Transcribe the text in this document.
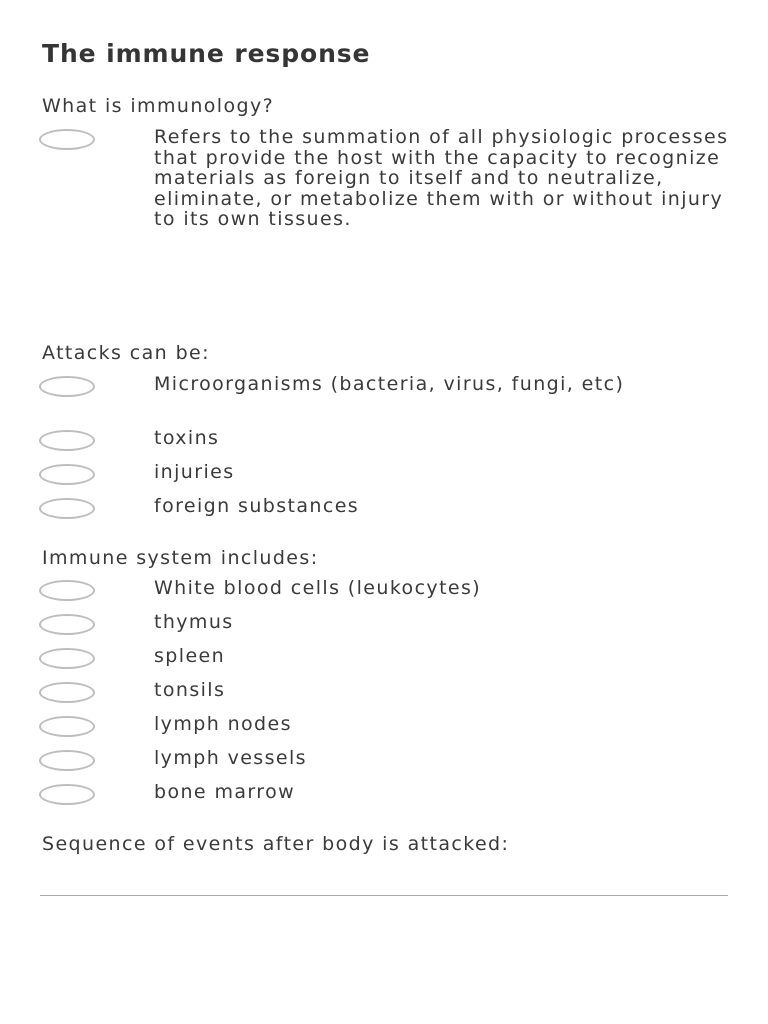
The immune response
What is immunology?

Refers to the summation of all physiologic processes that provide the host with the capacity to recognize materials as foreign to itself and to neutralize, eliminate, or metabolize them with or without injury to its own tissues.

Attacks can be:

Microorganisms (bacteria, virus, fungi, etc)

toxins

injuries

foreign substances

Immune system includes:

White blood cells (leukocytes)

thymus

spleen

tonsils

lymph nodes

lymph vessels

bone marrow

Sequence of events after body is attacked:
